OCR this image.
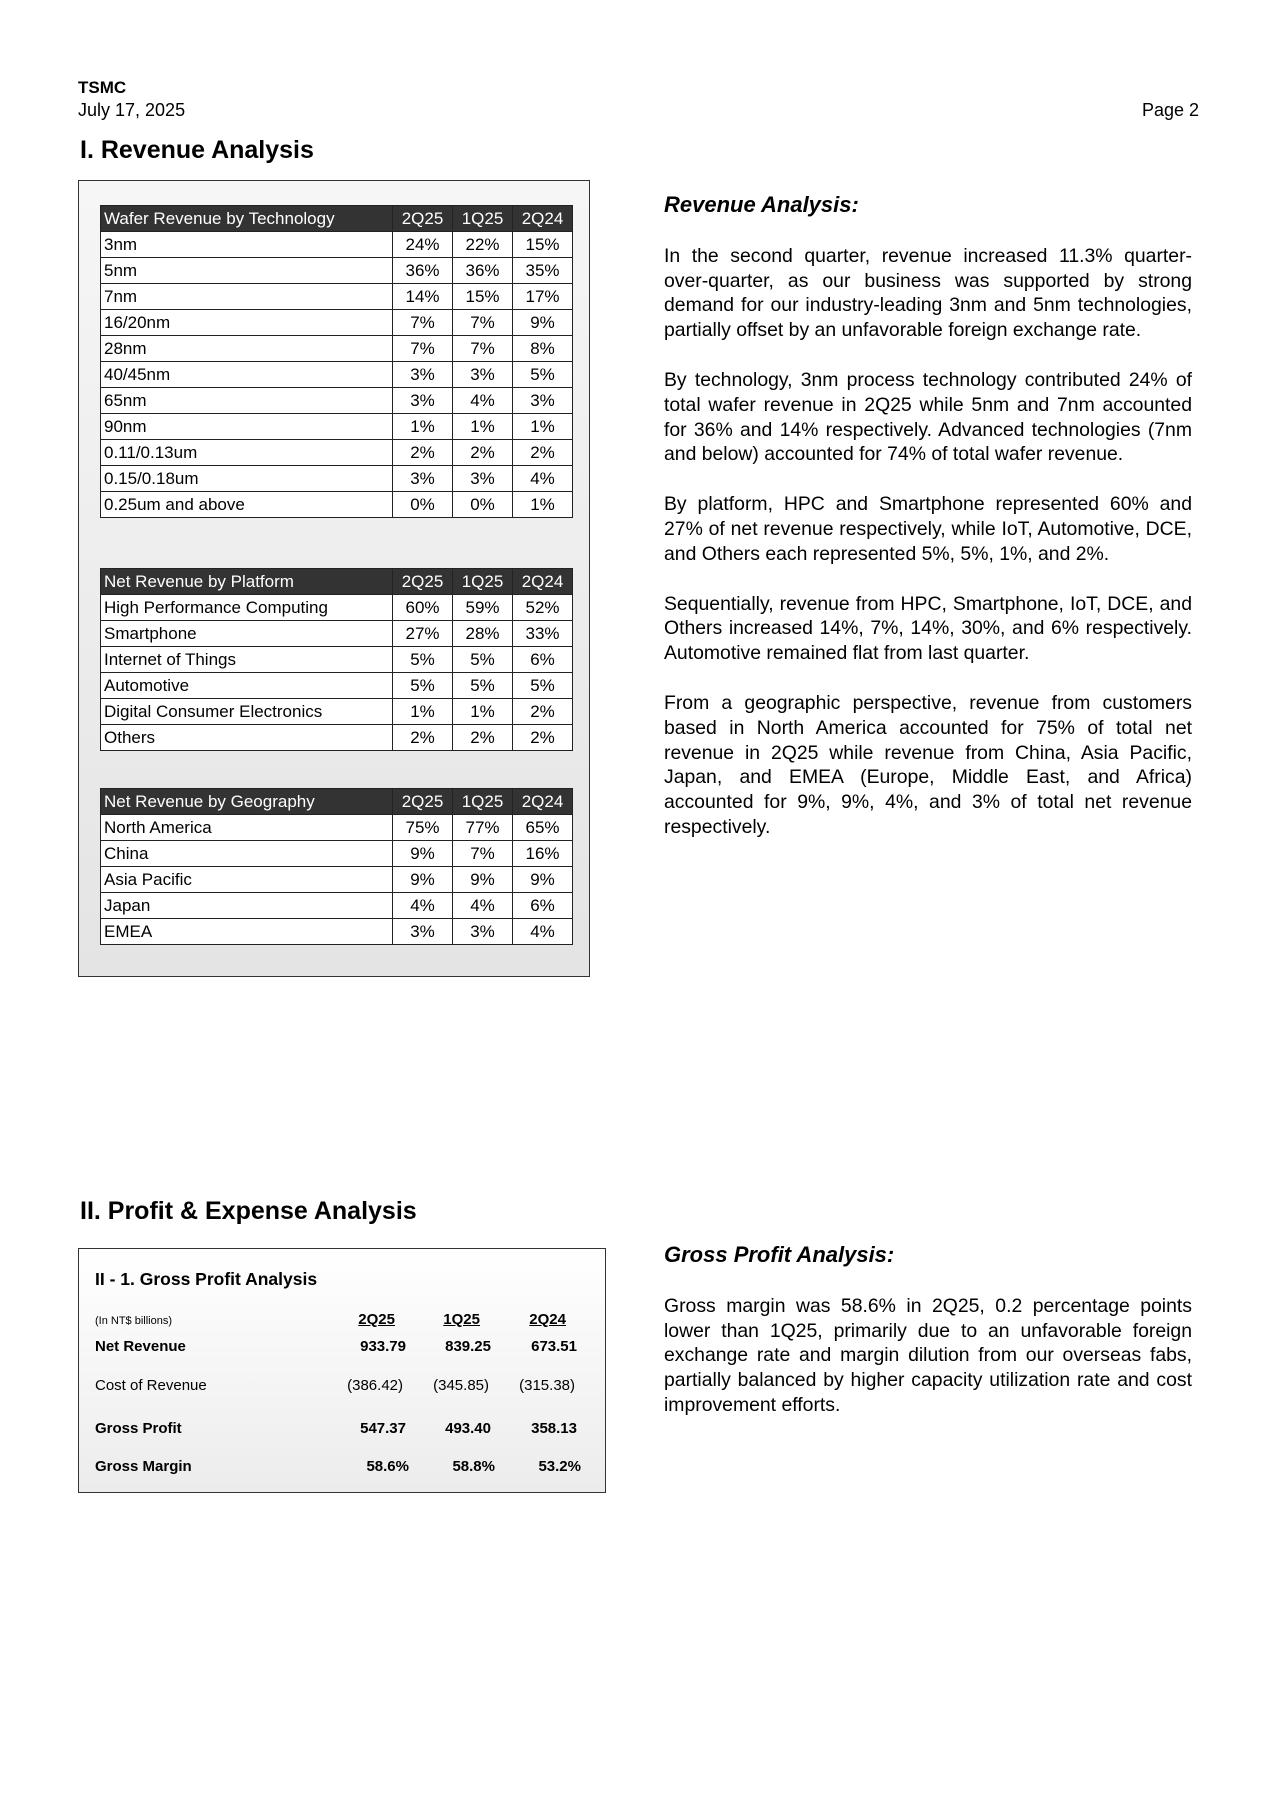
TSMC
July 17, 2025	Page 2
I. Revenue Analysis
Wafer Revenue by Technology	2Q25	1Q25	2Q24
3nm	24%	22%	15%
5nm	36%	36%	35%
7nm	14%	15%	17%
16/20nm	7%	7%	9%
28nm	7%	7%	8%
40/45nm	3%	3%	5%
65nm	3%	4%	3%
90nm	1%	1%	1%
0.11/0.13um	2%	2%	2%
0.15/0.18um	3%	3%	4%
0.25um and above	0%	0%	1%
Net Revenue by Platform	2Q25	1Q25	2Q24
High Performance Computing	60%	59%	52%
Smartphone	27%	28%	33%
Internet of Things	5%	5%	6%
Automotive	5%	5%	5%
Digital Consumer Electronics	1%	1%	2%
Others	2%	2%	2%
Net Revenue by Geography	2Q25	1Q25	2Q24
North America	75%	77%	65%
China	9%	7%	16%
Asia Pacific	9%	9%	9%
Japan	4%	4%	6%
EMEA	3%	3%	4%
Revenue Analysis:

In the second quarter, revenue increased 11.3% quarter-over-quarter, as our business was supported by strong demand for our industry-leading 3nm and 5nm technologies, partially offset by an unfavorable foreign exchange rate.

By technology, 3nm process technology contributed 24% of total wafer revenue in 2Q25 while 5nm and 7nm accounted for 36% and 14% respectively. Advanced technologies (7nm and below) accounted for 74% of total wafer revenue.

By platform, HPC and Smartphone represented 60% and 27% of net revenue respectively, while IoT, Automotive, DCE, and Others each represented 5%, 5%, 1%, and 2%.

Sequentially, revenue from HPC, Smartphone, IoT, DCE, and Others increased 14%, 7%, 14%, 30%, and 6% respectively. Automotive remained flat from last quarter.

From a geographic perspective, revenue from customers based in North America accounted for 75% of total net revenue in 2Q25 while revenue from China, Asia Pacific, Japan, and EMEA (Europe, Middle East, and Africa) accounted for 9%, 9%, 4%, and 3% of total net revenue respectively.

II. Profit & Expense Analysis
II - 1. Gross Profit Analysis
(In NT$ billions)	2Q25	1Q25	2Q24
Net Revenue	933.79	839.25	673.51
Cost of Revenue	(386.42) (345.85) (315.38)
Gross Profit	547.37	493.40	358.13
Gross Margin	58.6%	58.8%	53.2%
Gross Profit Analysis:

Gross margin was 58.6% in 2Q25, 0.2 percentage points lower than 1Q25, primarily due to an unfavorable foreign exchange rate and margin dilution from our overseas fabs, partially balanced by higher capacity utilization rate and cost improvement efforts.
